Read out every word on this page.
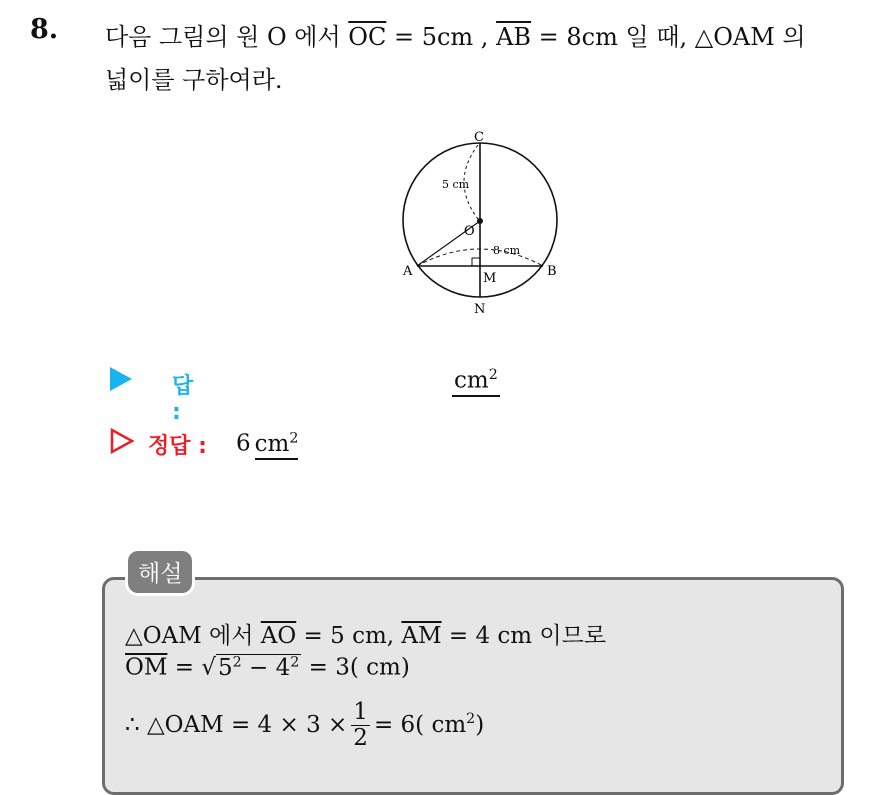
8. 다음 그림의 원 O 에서 $\overline{OC} = 5cm$ , $\overline{AB} = 8cm$ 일 때, △OAM 의
넓이를 구하여라.
C
5 cm
O
8 cm
A	M	B
N
답 :
$cm^2$
정답 : 6 $cm^2$
해설
△OAM 에서 $\overline{AO} = 5$ cm, $\overline{AM} = 4$ cm 이므로
$\overline{OM} = √5^2 - 4^2 = 3$( cm)
∴ △OAM = $4 \times 3 \times \frac{1}{2} = 6$( $cm^2$)
